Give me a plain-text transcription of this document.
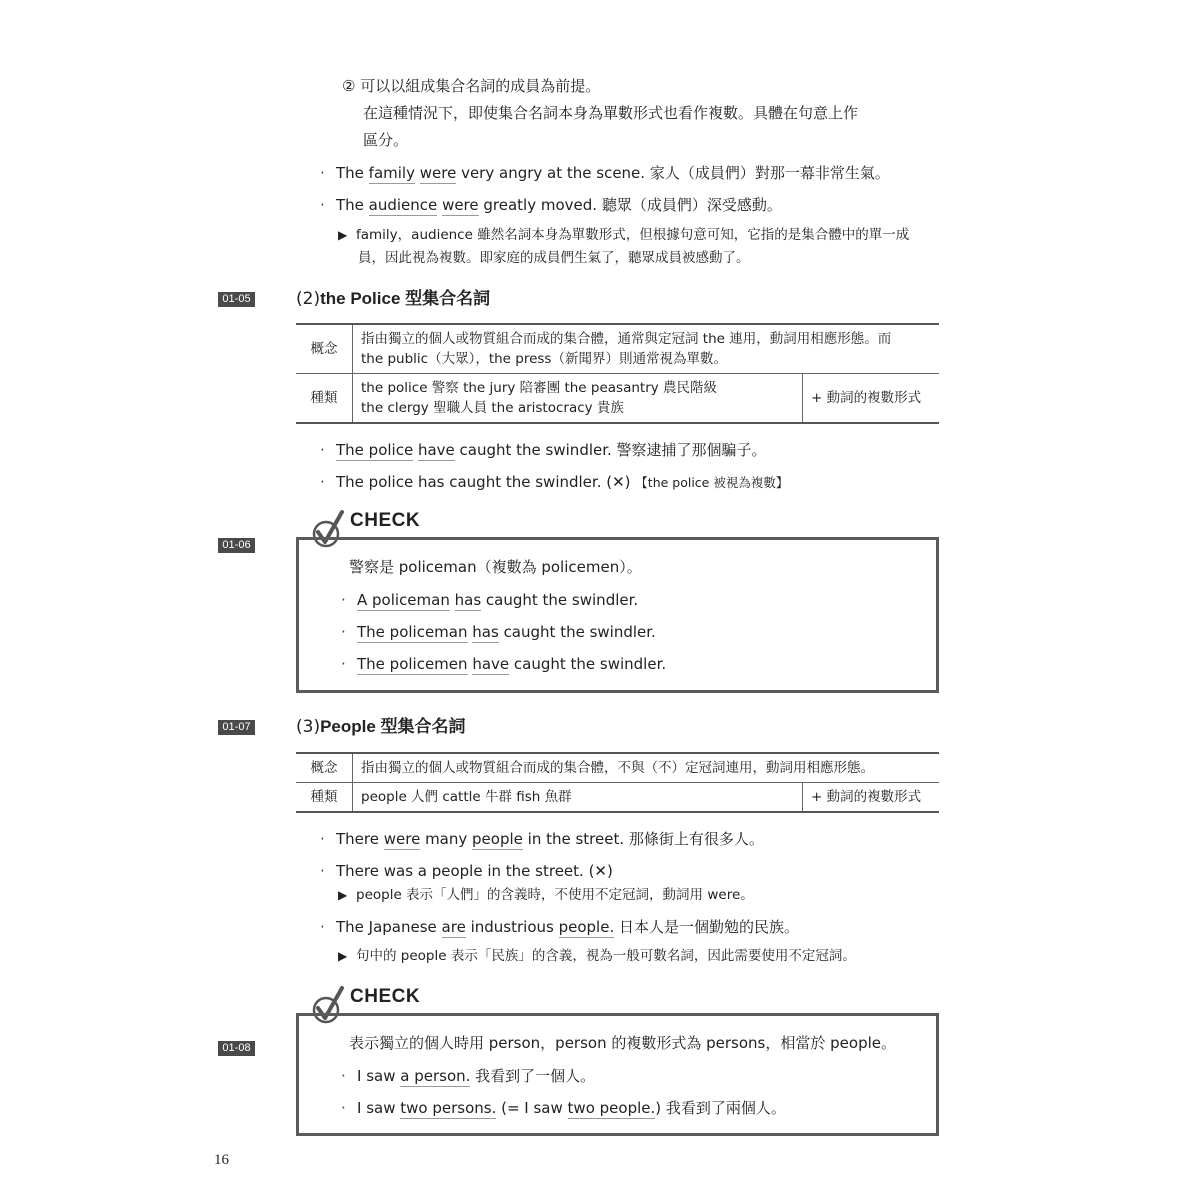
② 可以以組成集合名詞的成員為前提。
在這種情況下，即使集合名詞本身為單數形式也看作複數。具體在句意上作
區分。
· The family were very angry at the scene. 家人（成員們）對那一幕非常生氣。
· The audience were greatly moved. 聽眾（成員們）深受感動。
▶ family，audience 雖然名詞本身為單數形式，但根據句意可知，它指的是集合體中的單一成
員，因此視為複數。即家庭的成員們生氣了，聽眾成員被感動了。
01-05	(2)the Police 型集合名詞
概念	指由獨立的個人或物質組合而成的集合體，通常與定冠詞 the 連用，動詞用相應形態。而
the public（大眾），the press（新聞界）則通常視為單數。	

種類	the police 警察 the jury 陪審團 the peasantry 農民階級
the clergy 聖職人員 the aristocracy 貴族	+ 動詞的複數形式
· The police have caught the swindler. 警察逮捕了那個騙子。
· The police has caught the swindler. (✕) 【the police 被視為複數】
CHECK
01-06
警察是 policeman（複數為 policemen）。
· A policeman has caught the swindler.
· The policeman has caught the swindler.
· The policemen have caught the swindler.
01-07	(3)People 型集合名詞
概念	指由獨立的個人或物質組合而成的集合體，不與（不）定冠詞連用，動詞用相應形態。	
種類	people 人們 cattle 牛群 fish 魚群	+ 動詞的複數形式
· There were many people in the street. 那條街上有很多人。
· There was a people in the street. (✕)
▶ people 表示「人們」的含義時，不使用不定冠詞，動詞用 were。
· The Japanese are industrious people. 日本人是一個勤勉的民族。
▶ 句中的 people 表示「民族」的含義，視為一般可數名詞，因此需要使用不定冠詞。
CHECK
01-08	表示獨立的個人時用 person，person 的複數形式為 persons，相當於 people。
· I saw a person. 我看到了一個人。
· I saw two persons. (= I saw two people.) 我看到了兩個人。
16
